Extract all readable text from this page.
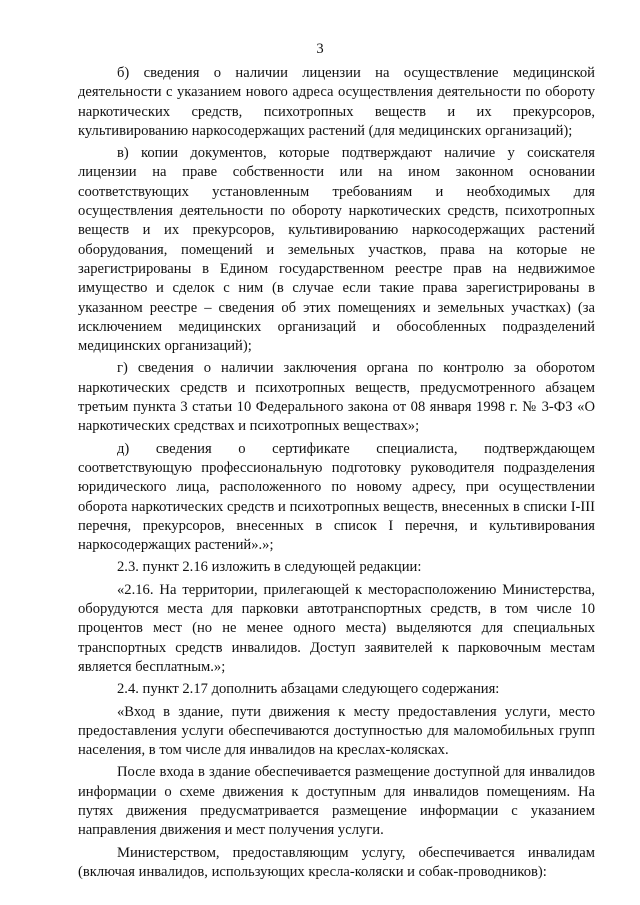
3

б) сведения о наличии лицензии на осуществление медицинской деятельности с указанием нового адреса осуществления деятельности по обороту наркотических средств, психотропных веществ и их прекурсоров, культивированию наркосодержащих растений (для медицинских организаций);

в) копии документов, которые подтверждают наличие у соискателя лицензии на праве собственности или на ином законном основании соответствующих установленным требованиям и необходимых для осуществления деятельности по обороту наркотических средств, психотропных веществ и их прекурсоров, культивированию наркосодержащих растений оборудования, помещений и земельных участков, права на которые не зарегистрированы в Едином государственном реестре прав на недвижимое имущество и сделок с ним (в случае если такие права зарегистрированы в указанном реестре – сведения об этих помещениях и земельных участках) (за исключением медицинских организаций и обособленных подразделений медицинских организаций);

г) сведения о наличии заключения органа по контролю за оборотом наркотических средств и психотропных веществ, предусмотренного абзацем третьим пункта 3 статьи 10 Федерального закона от 08 января 1998 г. № 3-ФЗ «О наркотических средствах и психотропных веществах»;

д) сведения о сертификате специалиста, подтверждающем соответствующую профессиональную подготовку руководителя подразделения юридического лица, расположенного по новому адресу, при осуществлении оборота наркотических средств и психотропных веществ, внесенных в списки I-III перечня, прекурсоров, внесенных в список I перечня, и культивирования наркосодержащих растений».»;

2.3. пункт 2.16 изложить в следующей редакции:

«2.16. На территории, прилегающей к месторасположению Министерства, оборудуются места для парковки автотранспортных средств, в том числе 10 процентов мест (но не менее одного места) выделяются для специальных транспортных средств инвалидов. Доступ заявителей к парковочным местам является бесплатным.»;

2.4. пункт 2.17 дополнить абзацами следующего содержания:

«Вход в здание, пути движения к месту предоставления услуги, место предоставления услуги обеспечиваются доступностью для маломобильных групп населения, в том числе для инвалидов на креслах-колясках.

После входа в здание обеспечивается размещение доступной для инвалидов информации о схеме движения к доступным для инвалидов помещениям. На путях движения предусматривается размещение информации с указанием направления движения и мест получения услуги.

Министерством, предоставляющим услугу, обеспечивается инвалидам (включая инвалидов, использующих кресла-коляски и собак-проводников):
